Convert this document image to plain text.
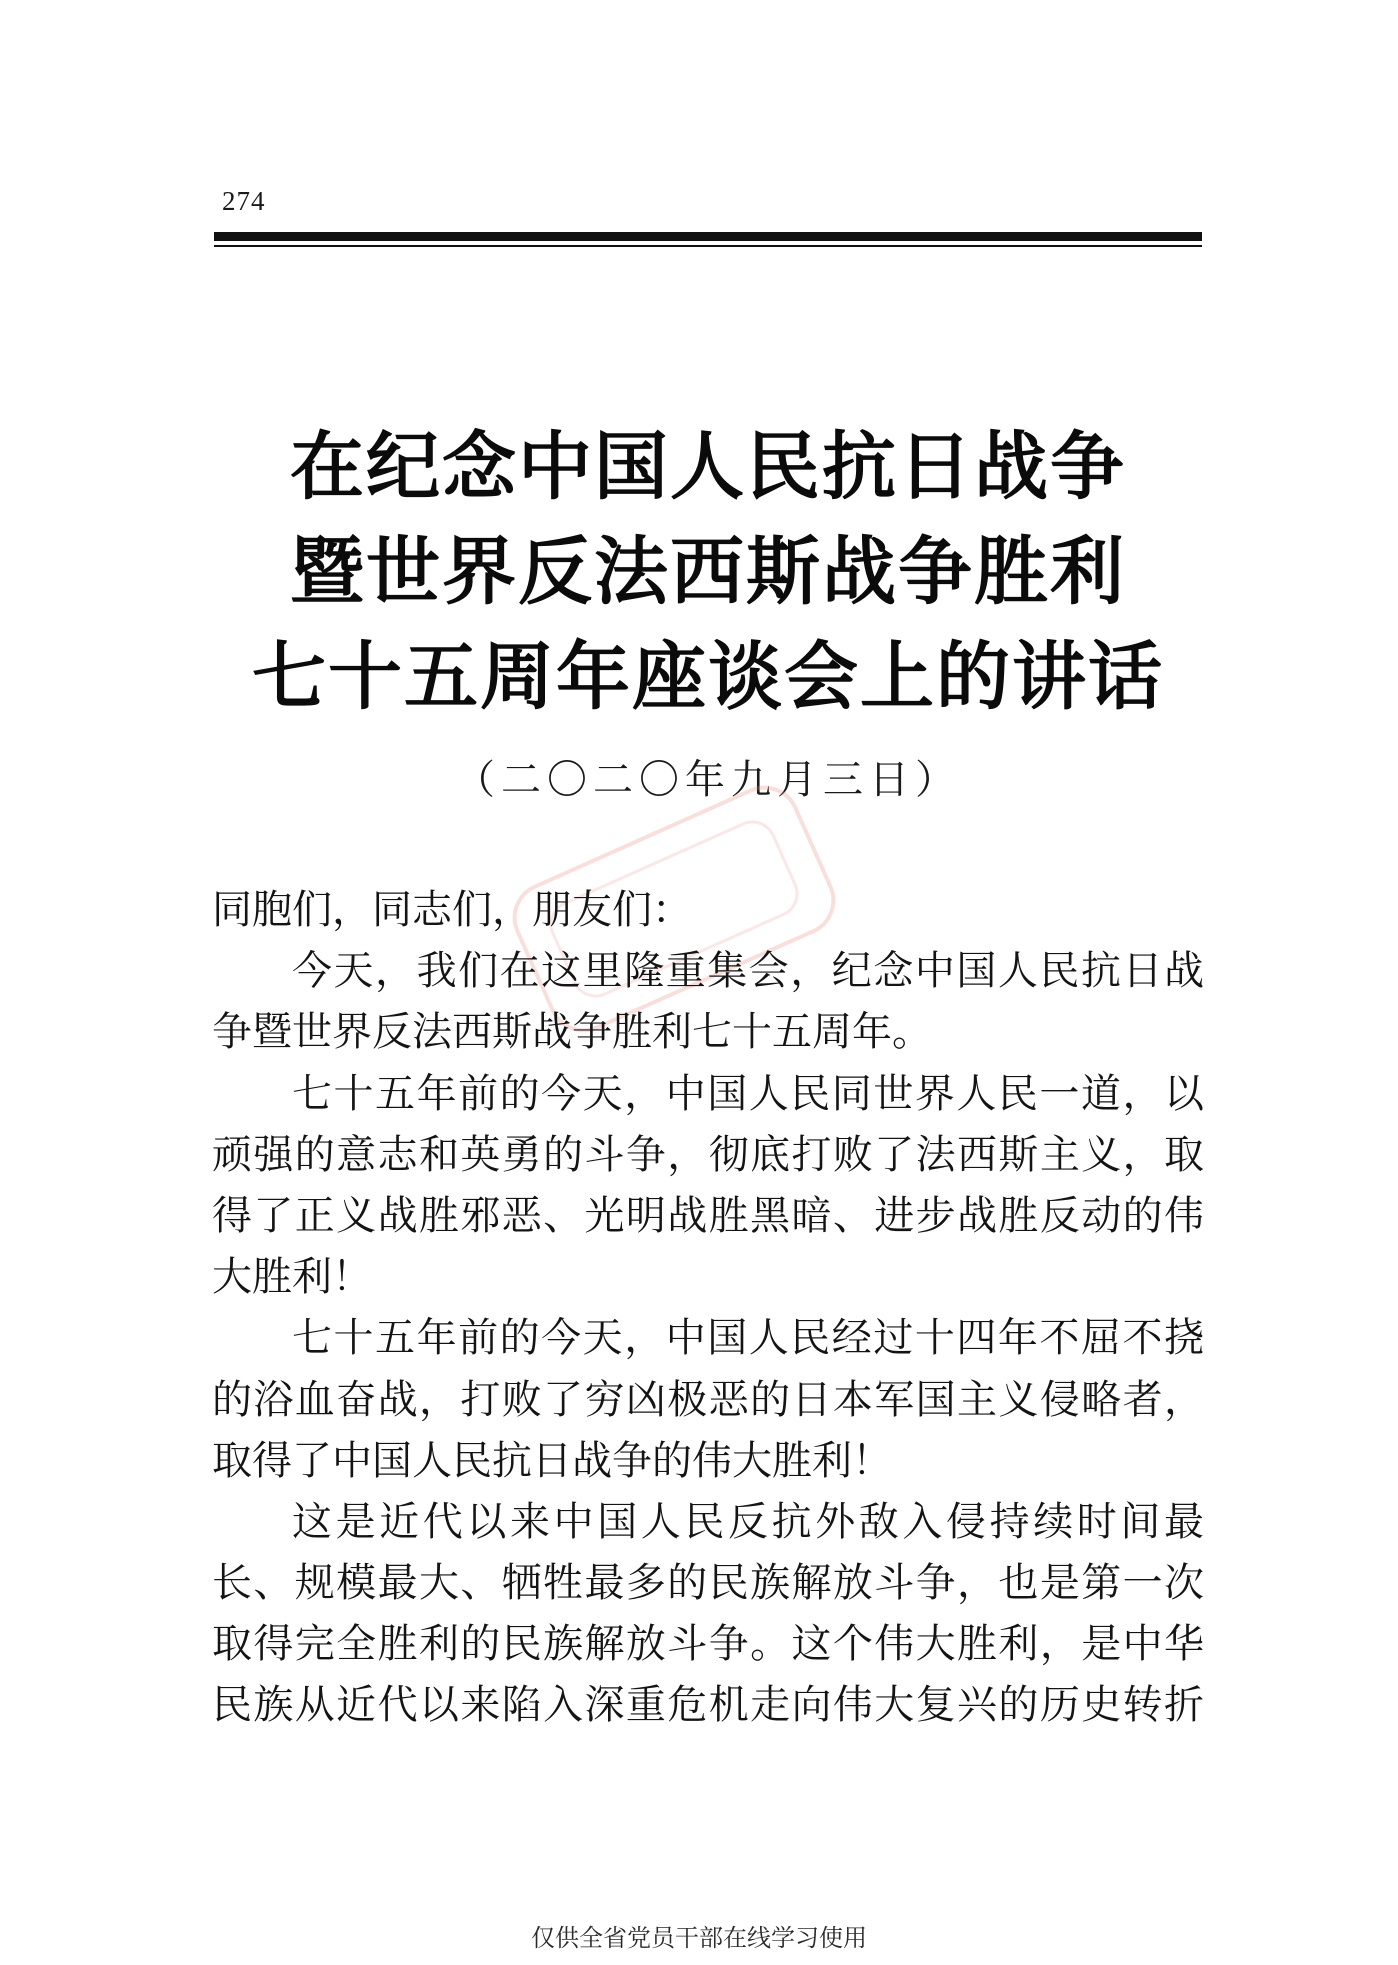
274
在纪念中国人民抗日战争
暨世界反法西斯战争胜利
七十五周年座谈会上的讲话
（二〇二〇年九月三日）
同胞们，同志们，朋友们：
今天，我们在这里隆重集会，纪念中国人民抗日战
争暨世界反法西斯战争胜利七十五周年。
七十五年前的今天，中国人民同世界人民一道，以
顽强的意志和英勇的斗争，彻底打败了法西斯主义，取
得了正义战胜邪恶、光明战胜黑暗、进步战胜反动的伟
大胜利！
七十五年前的今天，中国人民经过十四年不屈不挠
的浴血奋战，打败了穷凶极恶的日本军国主义侵略者，
取得了中国人民抗日战争的伟大胜利！
这是近代以来中国人民反抗外敌入侵持续时间最
长、规模最大、牺牲最多的民族解放斗争，也是第一次
取得完全胜利的民族解放斗争。这个伟大胜利，是中华
民族从近代以来陷入深重危机走向伟大复兴的历史转折
仅供全省党员干部在线学习使用
